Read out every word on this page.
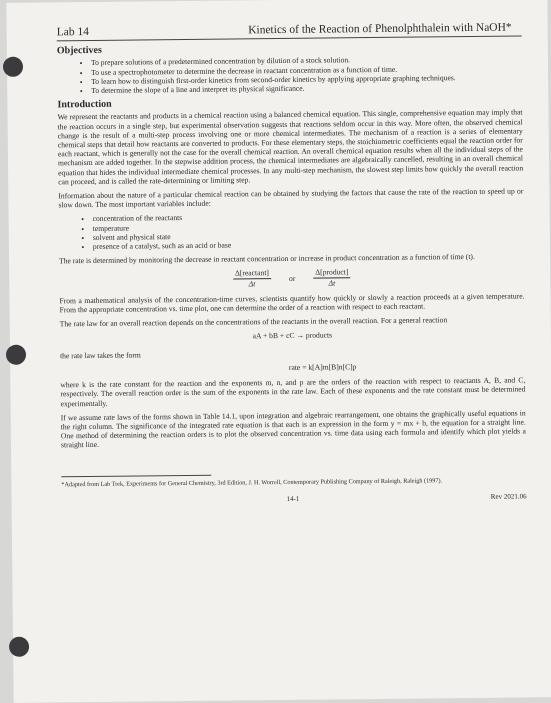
Lab 14	Kinetics of the Reaction of Phenolphthalein with NaOH*
Objectives
• To prepare solutions of a predetermined concentration by dilution of a stock solution.
• To use a spectrophotometer to determine the decrease in reactant concentration as a function of time.
• To learn how to distinguish first-order kinetics from second-order kinetics by applying appropriate graphing techniques.
• To determine the slope of a line and interpret its physical significance.
Introduction

We represent the reactants and products in a chemical reaction using a balanced chemical equation. This single, comprehensive equation may imply that the reaction occurs in a single step, but experimental observation suggests that reactions seldom occur in this way. More often, the observed chemical change is the result of a multi-step process involving one or more chemical intermediates. The mechanism of a reaction is a series of elementary chemical steps that detail how reactants are converted to products. For these elementary steps, the stoichiometric coefficients equal the reaction order for each reactant, which is generally not the case for the overall chemical reaction. An overall chemical equation results when all the individual steps of the mechanism are added together. In the stepwise addition process, the chemical intermediates are algebraically cancelled, resulting in an overall chemical equation that hides the individual intermediate chemical processes. In any multi-step mechanism, the slowest step limits how quickly the overall reaction can proceed, and is called the rate-determining or limiting step.

Information about the nature of a particular chemical reaction can be obtained by studying the factors that cause the rate of the reaction to speed up or slow down. The most important variables include:

• concentration of the reactants
• temperature
• solvent and physical state
• presence of a catalyst, such as an acid or base

The rate is determined by monitoring the decrease in reactant concentration or increase in product concentration as a function of time (t).

$\frac{\text{Δ[reactant]}}{\Delta t}$ or $\frac{\text{Δ[product]}}{\Delta t}$

From a mathematical analysis of the concentration-time curves, scientists quantify how quickly or slowly a reaction proceeds at a given temperature. From the appropriate concentration vs. time plot, one can determine the order of a reaction with respect to each reactant.

The rate law for an overall reaction depends on the concentrations of the reactants in the overall reaction. For a general reaction

aA + bB + cC → products

the rate law takes the form

rate = k[A]m[B]n[C]p

where k is the rate constant for the reaction and the exponents m, n, and p are the orders of the reaction with respect to reactants A, B, and C, respectively. The overall reaction order is the sum of the exponents in the rate law. Each of these exponents and the rate constant must be determined experimentally.

If we assume rate laws of the forms shown in Table 14.1, upon integration and algebraic rearrangement, one obtains the graphically useful equations in the right column. The significance of the integrated rate equation is that each is an expression in the form y = mx + b, the equation for a straight line. One method of determining the reaction orders is to plot the observed concentration vs. time data using each formula and identify which plot yields a straight line.

*Adapted from Lab Trek, Experiments for General Chemistry, 3rd Edition, J. H. Worrell, Contemporary Publishing Company of Raleigh, Raleigh (1997).
14-1	Rev 2021.06
